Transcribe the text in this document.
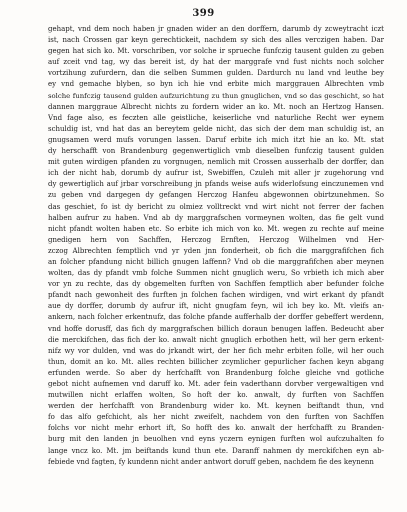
399
gehapt, vnd dem noch haben jr gnaden wider an den dorffern, darumb dy zcweytracht iczt
ist, nach Crossen gar keyn gerechtickeit, nachdem sy sich des alles verczigen haben. Dar
gegen hat sich ko. Mt. vorschriben, vor solche ir sprueche funfczig tausent gulden zu geben
auf zceit vnd tag, wy das bereit ist, dy hat der marggrafe vnd fust nichts noch solcher
vortzihung zufurdern, dan die selben Summen gulden. Dardurch nu land vnd leuthe bey
ey vnd gemache blyben, so byn ich hie vnd erbite mich marggrauen Albrechten vmb
solche funfczig tausend gulden aufzurichtung zu thun gnuglichen, vnd so das geschicht, so hat
dannen marggraue Albrecht nichts zu fordern wider an ko. Mt. noch an Hertzog Hansen.
Vnd fage also, es feczten alle geistliche, keiserliche vnd naturliche Recht wer eynem
schuldig ist, vnd hat das an bereytem gelde nicht, das sich der dem man schuldig ist, an
gnugsamen werd mufs vorungen lassen. Daruf erbite ich mich itzt hie an ko. Mt. stat
dy herschafft von Brandenburg gegenwertiglich vmb dieselben funfczig tausent gulden
mit guten wirdigen pfanden zu vorgnugen, nemlich mit Crossen ausserhalb der dorffer, dan
ich der nicht hab, dorumb dy aufrur ist, Swebiffen, Czuleh mit aller jr zugehorung vnd
dy gewertiglich auf jrbar vorschreibung jn pfands weise aufs widerlofsung einczunemen vnd
zu geben vnd dargegen dy gefangen Herczog Hanfeu abgewonnen obirtzunehmen. So
das geschiet, fo ist dy bericht zu olmiez volltreckt vnd wirt nicht not ferrer der fachen
halben aufrur zu haben. Vnd ab dy marggrafschen vormeynen wolten, das fie gelt vund
nicht pfandt wolten haben etc. So erbite ich mich von ko. Mt. wegen zu rechte auf meine
gnedigen hern von Sachffen, Herczog Ernften, Herczog Wilhelmen vnd Her-
zczog Albrechten femptlich vnd yr yden jnn fonderheit, ob fich die marggrafifchen fich
an folcher pfandung nicht billich gnugen laffenn? Vnd ob die marggrafifchen aber meynen
wolten, das dy pfandt vmb folche Summen nicht gnuglich weru, So vrbieth ich mich aber
vor yn zu rechte, das dy obgemelten furften von Sachffen femptlich aber befunder folche
pfandt nach gewonheit des furften jn folchen fachen wirdigen, vnd wirt erkant dy pfandt
aue dy dorffer, dorumb dy aufrur ift, nicht gnugfam feyn, wil ich bey ko. Mt. vleifs an-
ankern, nach folcher erkentnufz, das folche pfande aufferhalb der dorffer gebeffert werdenn,
vnd hoffe dorusff, das fich dy marggrafschen billich doraun benugen laffen. Bedeucht aber
die merckifchen, das fich der ko. anwalt nicht gnuglich erbothen hett, wil her gern erkent-
nifz wy vor dulden, vnd was do jrkandt wirt, der her fich mehr erbiten folle, wil her ouch
thun, domit an ko. Mt. alles rechten billicher zcymlicher gepurlicher fachen keyn abgang
erfunden werde. So aber dy herfchafft von Brandenburg folche gleiche vnd gotliche
gebot nicht aufnemen vnd daruff ko. Mt. ader fein vaderthann dorvber vergewaltigen vnd
mutwillen nicht erlaffen wolten, So hoft der ko. anwalt, dy furften von Sachffen
werden der herfchafft von Brandenburg wider ko. Mt. keynen beiftandt thun, vnd
fo das alfo gefchicht, als her nicht zweifelt, nachdem von den furften von Sachffen
folchs vor nicht mehr erhort ift, So hofft des ko. anwalt der herfchafft zu Branden-
burg mit den landen jn beuolhen vnd eyns yczern eynigen furften wol aufczuhalten fo
lange vncz ko. Mt. jm beiftands kund thun ete. Daranff nahmen dy merckifchen eyn ab-
febiede vnd fagten, fy kundenn nicht ander antwort doruff geben, nachdem fie des keynenn
